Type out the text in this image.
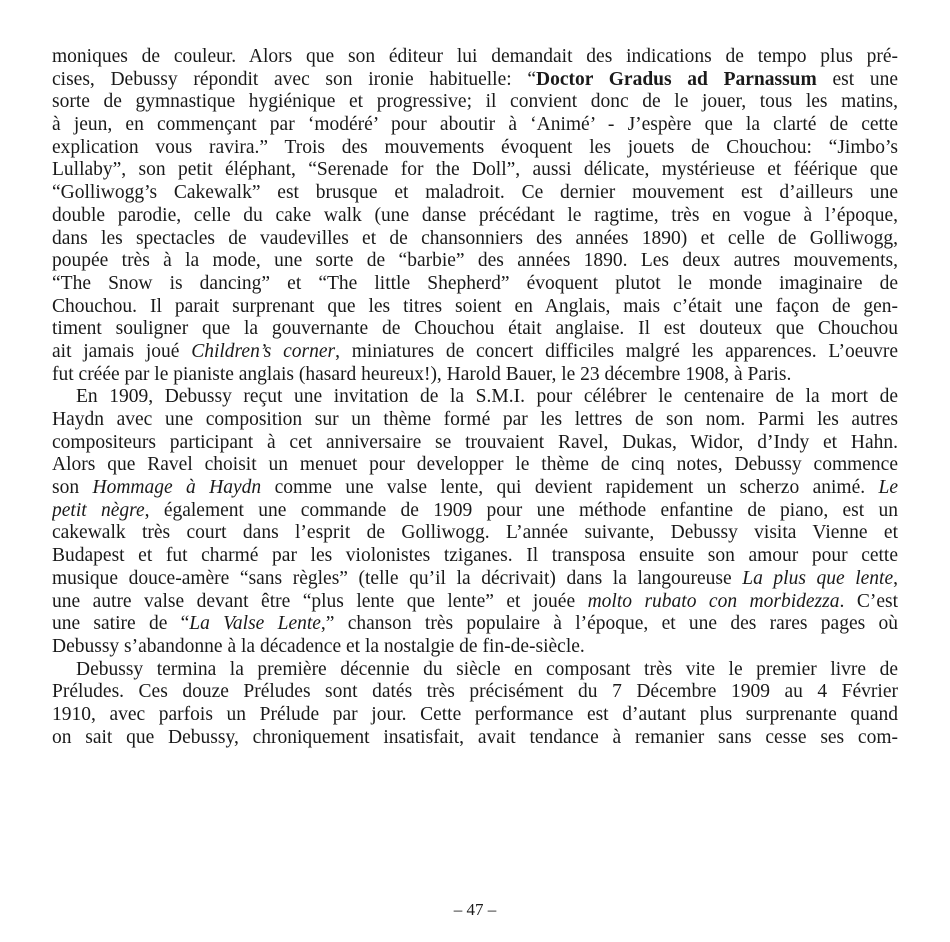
moniques de couleur. Alors que son éditeur lui demandait des indications de tempo plus pré-
cises, Debussy répondit avec son ironie habituelle: “Doctor Gradus ad Parnassum est une
sorte de gymnastique hygiénique et progressive; il convient donc de le jouer, tous les matins,
à jeun, en commençant par ‘modéré’ pour aboutir à ‘Animé’ - J’espère que la clarté de cette
explication vous ravira.” Trois des mouvements évoquent les jouets de Chouchou: “Jimbo’s
Lullaby”, son petit éléphant, “Serenade for the Doll”, aussi délicate, mystérieuse et féérique que
“Golliwogg’s Cakewalk” est brusque et maladroit. Ce dernier mouvement est d’ailleurs une
double parodie, celle du cake walk (une danse précédant le ragtime, très en vogue à l’époque,
dans les spectacles de vaudevilles et de chansonniers des années 1890) et celle de Golliwogg,
poupée très à la mode, une sorte de “barbie” des années 1890. Les deux autres mouvements,
“The Snow is dancing” et “The little Shepherd” évoquent plutot le monde imaginaire de
Chouchou. Il parait surprenant que les titres soient en Anglais, mais c’était une façon de gen-
timent souligner que la gouvernante de Chouchou était anglaise. Il est douteux que Chouchou
ait jamais joué Children’s corner, miniatures de concert difficiles malgré les apparences. L’oeuvre
fut créée par le pianiste anglais (hasard heureux!), Harold Bauer, le 23 décembre 1908, à Paris.
En 1909, Debussy reçut une invitation de la S.M.I. pour célébrer le centenaire de la mort de
Haydn avec une composition sur un thème formé par les lettres de son nom. Parmi les autres
compositeurs participant à cet anniversaire se trouvaient Ravel, Dukas, Widor, d’Indy et Hahn.
Alors que Ravel choisit un menuet pour developper le thème de cinq notes, Debussy commence
son Hommage à Haydn comme une valse lente, qui devient rapidement un scherzo animé. Le
petit nègre, également une commande de 1909 pour une méthode enfantine de piano, est un
cakewalk très court dans l’esprit de Golliwogg. L’année suivante, Debussy visita Vienne et
Budapest et fut charmé par les violonistes tziganes. Il transposa ensuite son amour pour cette
musique douce-amère “sans règles” (telle qu’il la décrivait) dans la langoureuse La plus que lente,
une autre valse devant être “plus lente que lente” et jouée molto rubato con morbidezza. C’est
une satire de “La Valse Lente,” chanson très populaire à l’époque, et une des rares pages où
Debussy s’abandonne à la décadence et la nostalgie de fin-de-siècle.
Debussy termina la première décennie du siècle en composant très vite le premier livre de
Préludes. Ces douze Préludes sont datés très précisément du 7 Décembre 1909 au 4 Février
1910, avec parfois un Prélude par jour. Cette performance est d’autant plus surprenante quand
on sait que Debussy, chroniquement insatisfait, avait tendance à remanier sans cesse ses com-
– 47 –
